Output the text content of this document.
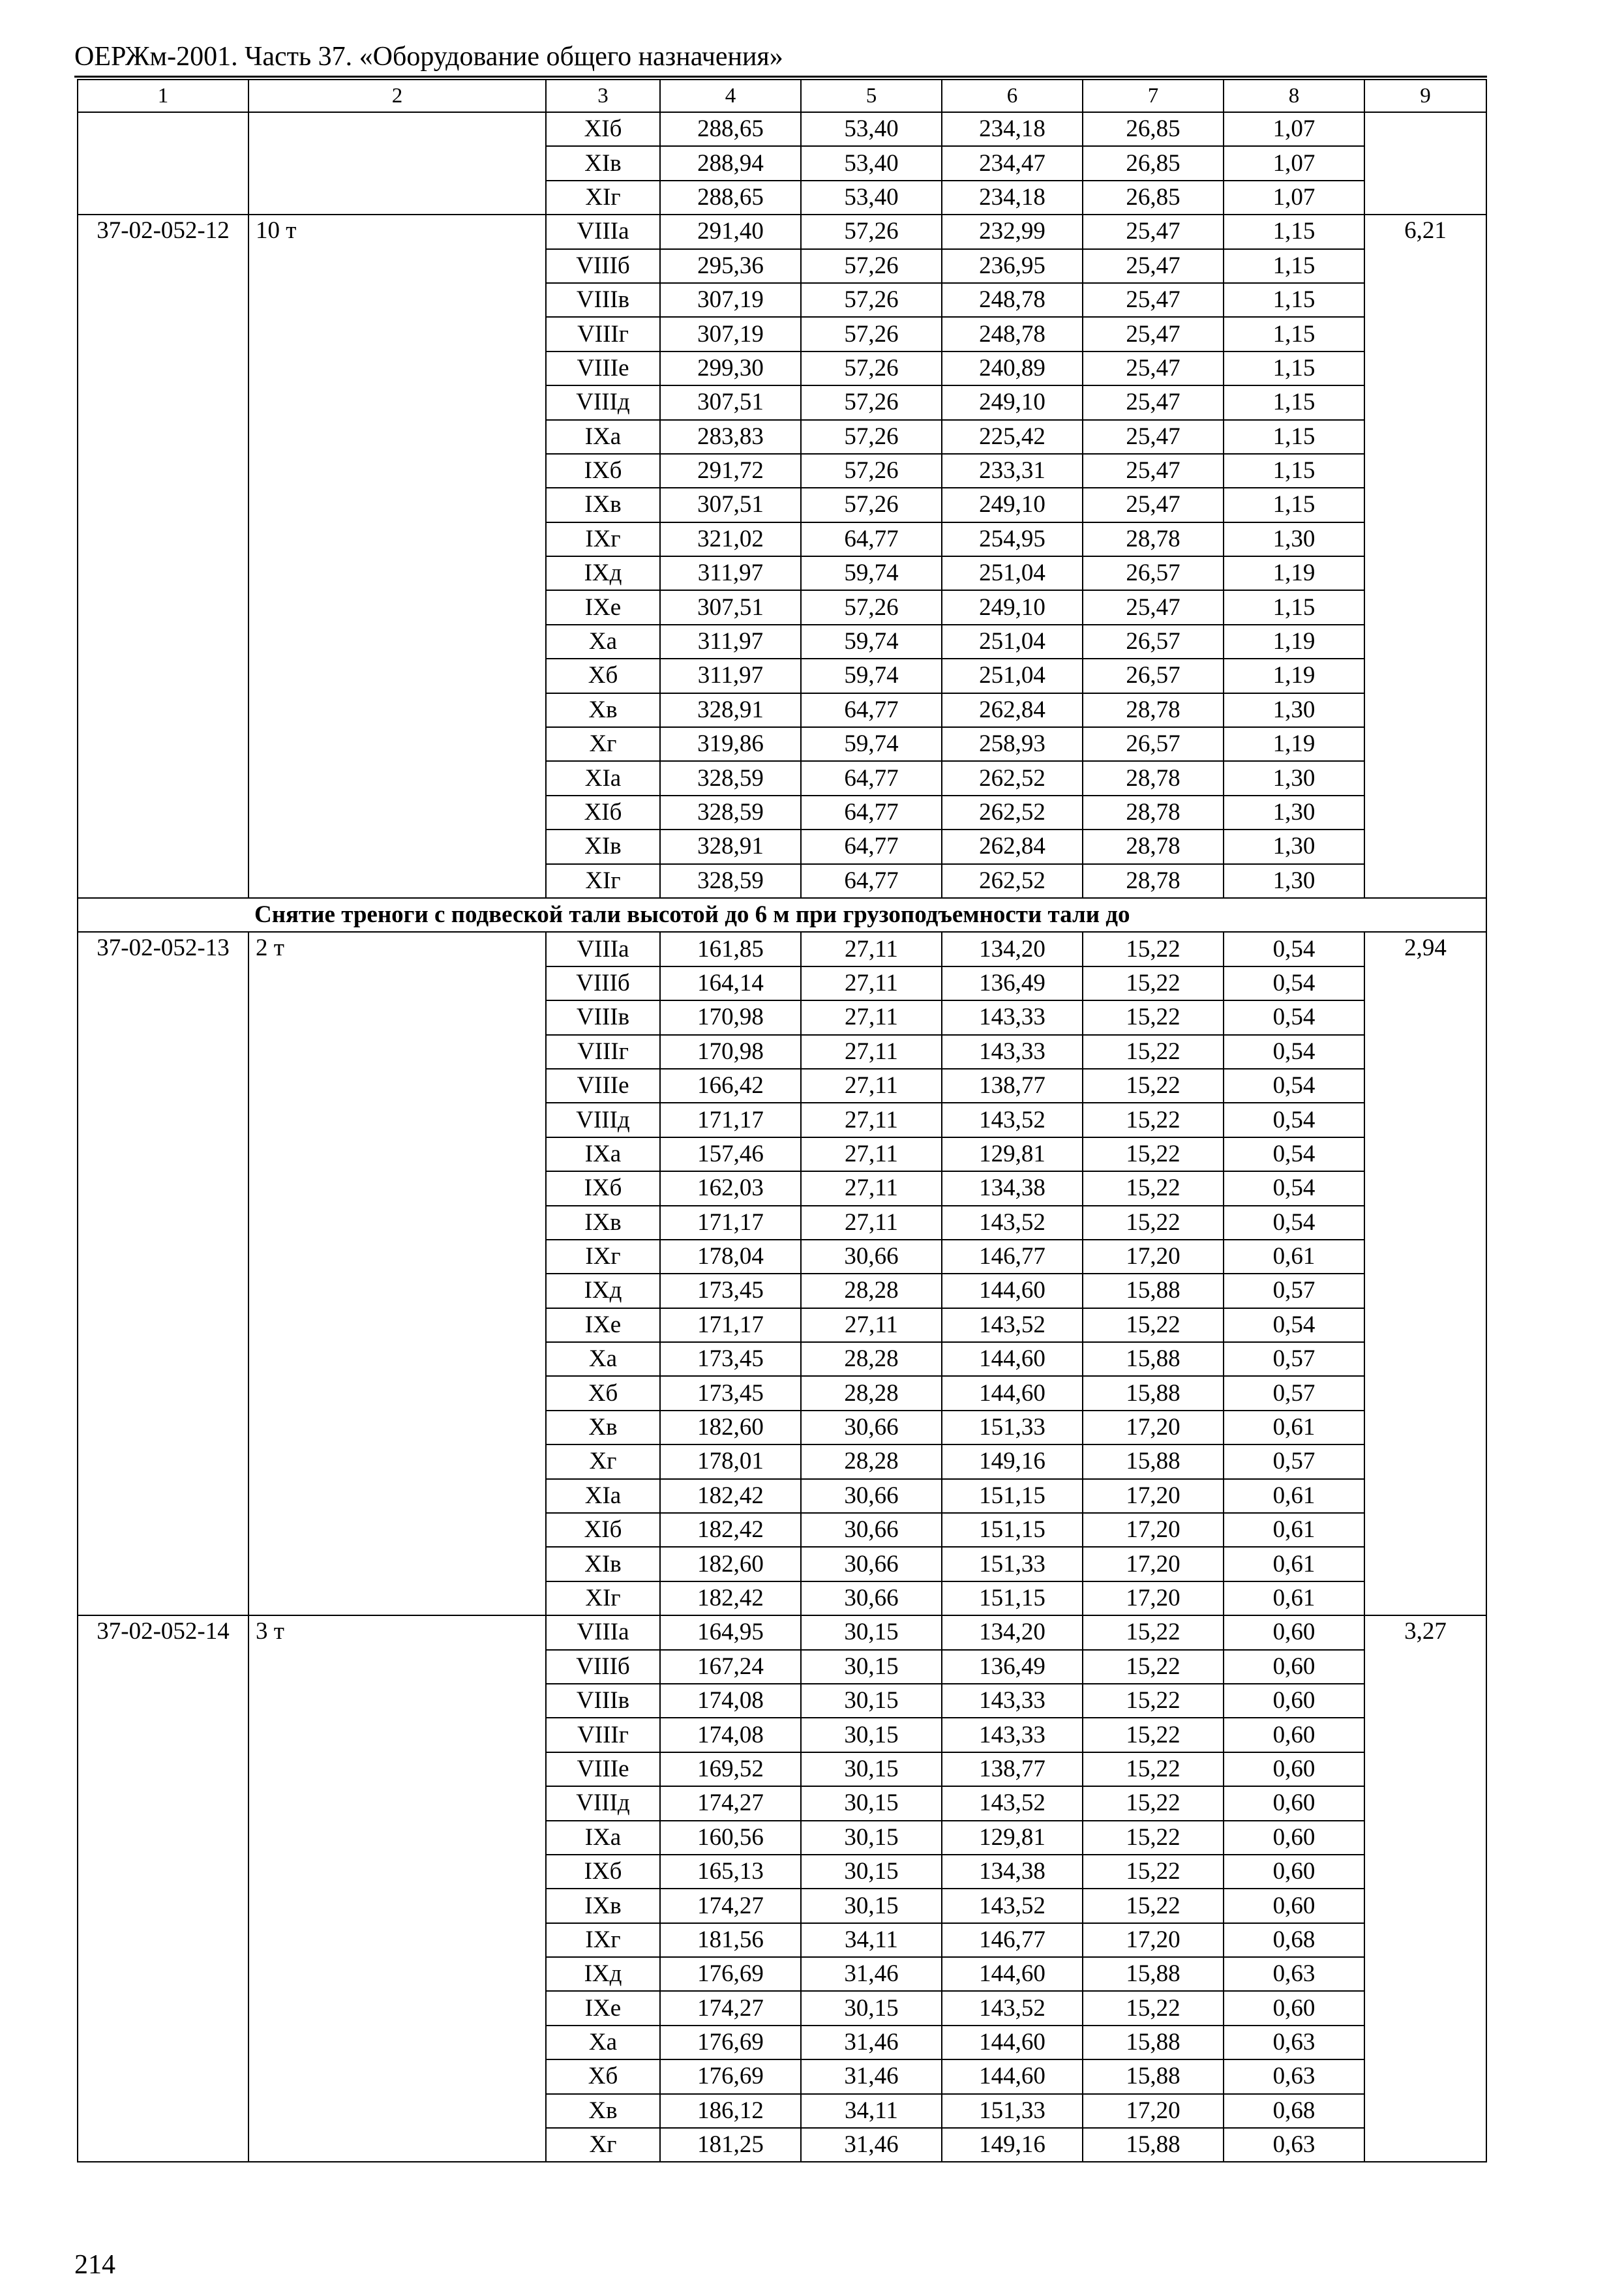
ОЕРЖм-2001. Часть 37. «Оборудование общего назначения»
1	2	3	4	5	6	7	8	9
		XIб	288,65	53,40	234,18	26,85	1,07	
		XIв	288,94	53,40	234,47	26,85	1,07	
		XIг	288,65	53,40	234,18	26,85	1,07	
37-02-052-12	10 т	VIIIа	291,40	57,26	232,99	25,47	1,15	6,21
		VIIIб	295,36	57,26	236,95	25,47	1,15	
		VIIIв	307,19	57,26	248,78	25,47	1,15	
		VIIIг	307,19	57,26	248,78	25,47	1,15	
		VIIIе	299,30	57,26	240,89	25,47	1,15	
		VIIIд	307,51	57,26	249,10	25,47	1,15	
		IXа	283,83	57,26	225,42	25,47	1,15	
		IXб	291,72	57,26	233,31	25,47	1,15	
		IXв	307,51	57,26	249,10	25,47	1,15	
		IXг	321,02	64,77	254,95	28,78	1,30	
		IXд	311,97	59,74	251,04	26,57	1,19	
		IXе	307,51	57,26	249,10	25,47	1,15	
		Xа	311,97	59,74	251,04	26,57	1,19	
		Xб	311,97	59,74	251,04	26,57	1,19	
		Xв	328,91	64,77	262,84	28,78	1,30	
		Xг	319,86	59,74	258,93	26,57	1,19	
		XIа	328,59	64,77	262,52	28,78	1,30	
		XIб	328,59	64,77	262,52	28,78	1,30	
		XIв	328,91	64,77	262,84	28,78	1,30	
		XIг	328,59	64,77	262,52	28,78	1,30	
Снятие треноги с подвеской тали высотой до 6 м при грузоподъемности тали до								
37-02-052-13	2 т	VIIIа	161,85	27,11	134,20	15,22	0,54	2,94
		VIIIб	164,14	27,11	136,49	15,22	0,54	
		VIIIв	170,98	27,11	143,33	15,22	0,54	
		VIIIг	170,98	27,11	143,33	15,22	0,54	
		VIIIе	166,42	27,11	138,77	15,22	0,54	
		VIIIд	171,17	27,11	143,52	15,22	0,54	
		IXа	157,46	27,11	129,81	15,22	0,54	
		IXб	162,03	27,11	134,38	15,22	0,54	
		IXв	171,17	27,11	143,52	15,22	0,54	
		IXг	178,04	30,66	146,77	17,20	0,61	
		IXд	173,45	28,28	144,60	15,88	0,57	
		IXе	171,17	27,11	143,52	15,22	0,54	
		Xа	173,45	28,28	144,60	15,88	0,57	
		Xб	173,45	28,28	144,60	15,88	0,57	
		Xв	182,60	30,66	151,33	17,20	0,61	
		Xг	178,01	28,28	149,16	15,88	0,57	
		XIа	182,42	30,66	151,15	17,20	0,61	
		XIб	182,42	30,66	151,15	17,20	0,61	
		XIв	182,60	30,66	151,33	17,20	0,61	
		XIг	182,42	30,66	151,15	17,20	0,61	
37-02-052-14	3 т	VIIIа	164,95	30,15	134,20	15,22	0,60	3,27
		VIIIб	167,24	30,15	136,49	15,22	0,60	
		VIIIв	174,08	30,15	143,33	15,22	0,60	
		VIIIг	174,08	30,15	143,33	15,22	0,60	
		VIIIе	169,52	30,15	138,77	15,22	0,60	
		VIIIд	174,27	30,15	143,52	15,22	0,60	
		IXа	160,56	30,15	129,81	15,22	0,60	
		IXб	165,13	30,15	134,38	15,22	0,60	
		IXв	174,27	30,15	143,52	15,22	0,60	
		IXг	181,56	34,11	146,77	17,20	0,68	
		IXд	176,69	31,46	144,60	15,88	0,63	
		IXе	174,27	30,15	143,52	15,22	0,60	
		Xа	176,69	31,46	144,60	15,88	0,63	
		Xб	176,69	31,46	144,60	15,88	0,63	
		Xв	186,12	34,11	151,33	17,20	0,68	
		Xг	181,25	31,46	149,16	15,88	0,63	
214
